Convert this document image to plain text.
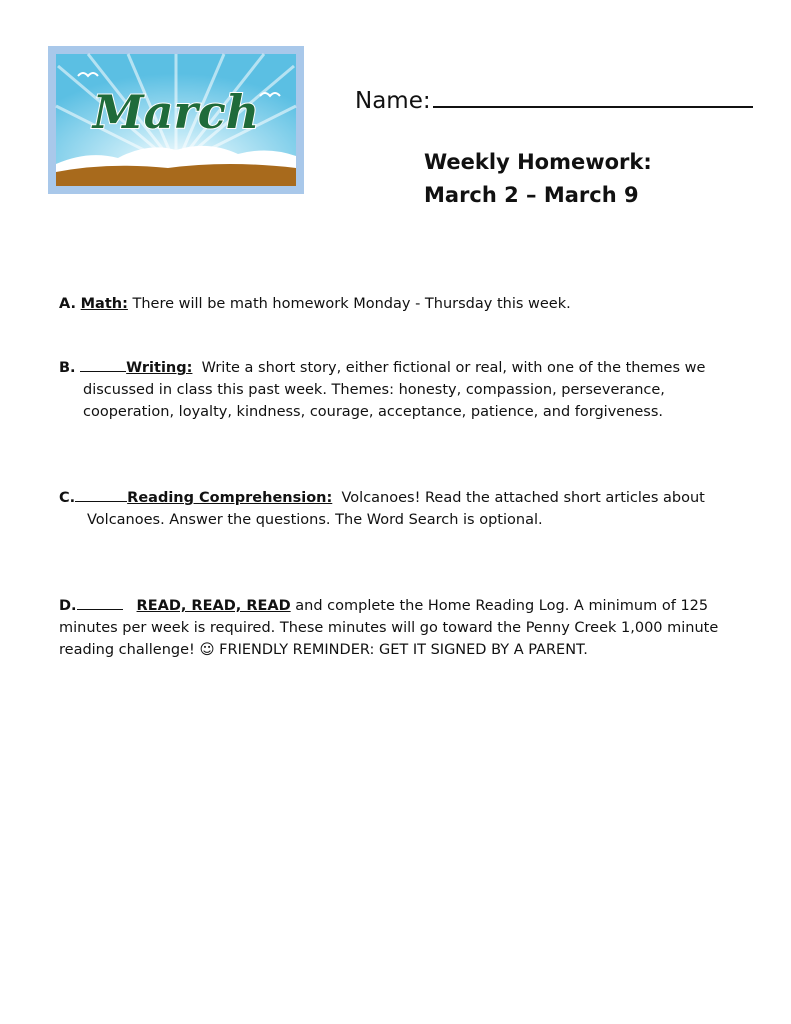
March	Name:
Weekly Homework:
March 2 – March 9
A. Math: There will be math homework Monday - Thursday this week.
B.	Writing: Write a short story, either fictional or real, with one of the themes we
discussed in class this past week. Themes: honesty, compassion, perseverance,
cooperation, loyalty, kindness, courage, acceptance, patience, and forgiveness.
C.	Reading Comprehension: Volcanoes! Read the attached short articles about
Volcanoes. Answer the questions. The Word Search is optional.
D.	READ, READ, READ and complete the Home Reading Log. A minimum of 125
minutes per week is required. These minutes will go toward the Penny Creek 1,000 minute
reading challenge! ☺ FRIENDLY REMINDER: GET IT SIGNED BY A PARENT.
